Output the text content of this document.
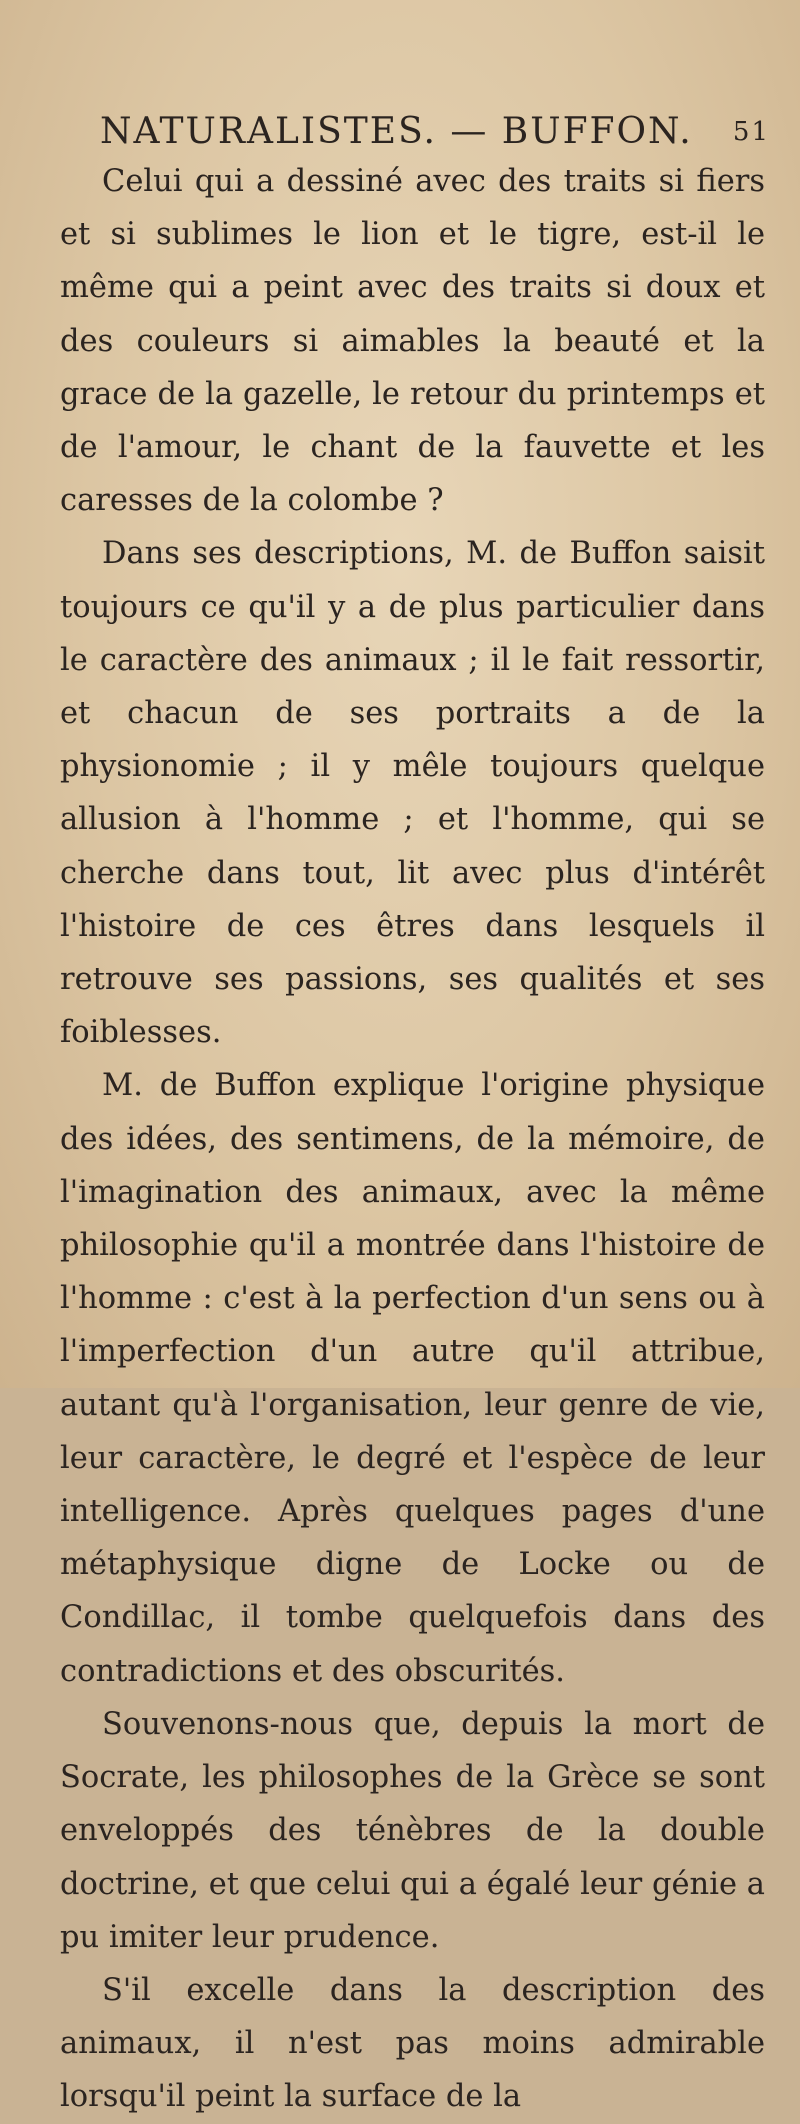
NATURALISTES. — BUFFON. 51

Celui qui a dessiné avec des traits si fiers et si sublimes le lion et le tigre, est-il le même qui a peint avec des traits si doux et des couleurs si aimables la beauté et la grace de la gazelle, le retour du printemps et de l'amour, le chant de la fauvette et les caresses de la colombe ?

Dans ses descriptions, M. de Buffon saisit toujours ce qu'il y a de plus particulier dans le caractère des animaux ; il le fait ressortir, et chacun de ses portraits a de la physionomie ; il y mêle toujours quelque allusion à l'homme ; et l'homme, qui se cherche dans tout, lit avec plus d'intérêt l'histoire de ces êtres dans lesquels il retrouve ses passions, ses qualités et ses foiblesses.

M. de Buffon explique l'origine physique des idées, des sentimens, de la mémoire, de l'imagination des animaux, avec la même philosophie qu'il a montrée dans l'histoire de l'homme : c'est à la perfection d'un sens ou à l'imperfection d'un autre qu'il attribue, autant qu'à l'organisation, leur genre de vie, leur caractère, le degré et l'espèce de leur intelligence. Après quelques pages d'une métaphysique digne de Locke ou de Condillac, il tombe quelquefois dans des contradictions et des obscurités.

Souvenons-nous que, depuis la mort de Socrate, les philosophes de la Grèce se sont enveloppés des ténèbres de la double doctrine, et que celui qui a égalé leur génie a pu imiter leur prudence.

S'il excelle dans la description des animaux, il n'est pas moins admirable lorsqu'il peint la surface de la
